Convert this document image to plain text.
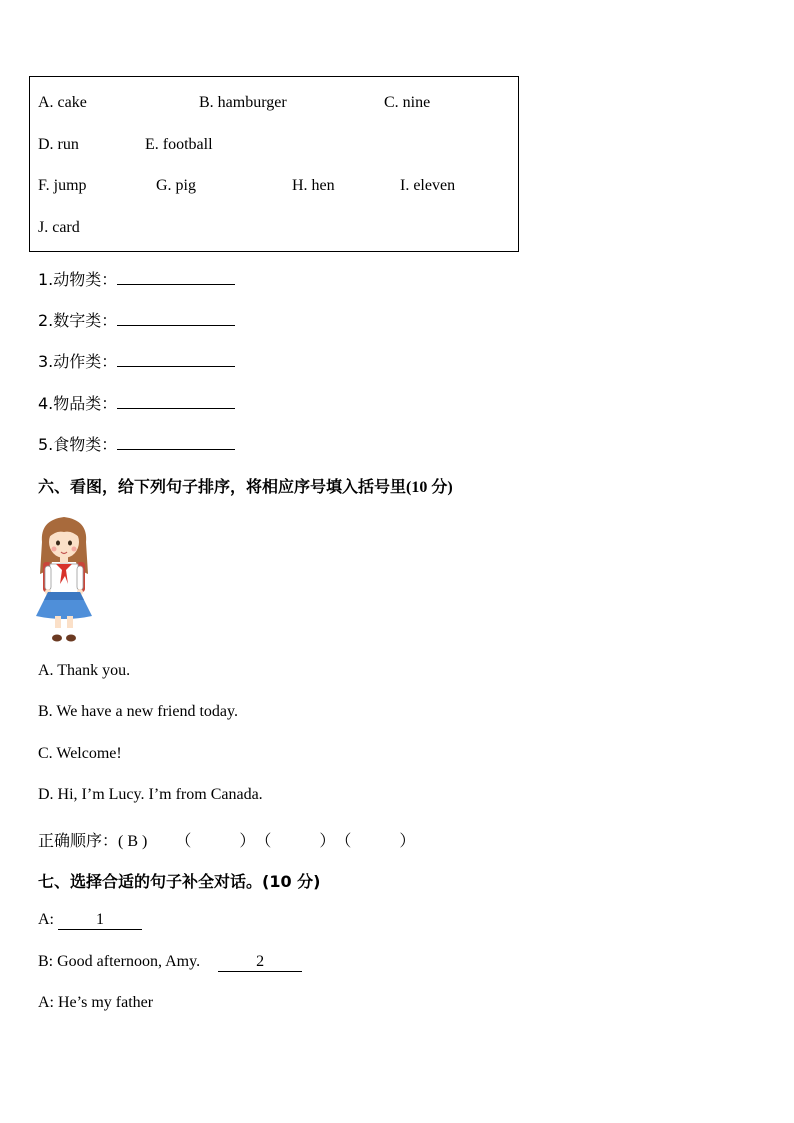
A. cake	B. hamburger	C. nine
D. run	E. football
F. jump	G. pig	H. hen	I. eleven
J. card
1.动物类：
2.数字类：
3.动作类：
4.物品类：
5.食物类：
六、看图，给下列句子排序，将相应序号填入括号里(10 分)
A. Thank you.
B. We have a new friend today.
C. Welcome!
D. Hi, I’m Lucy. I’m from Canada.
正确顺序：( B ) （　　　）（　　　）（　　　）
七、选择合适的句子补全对话。(10 分)
A: 1
B: Good afternoon, Amy.	2
A: He’s my father
